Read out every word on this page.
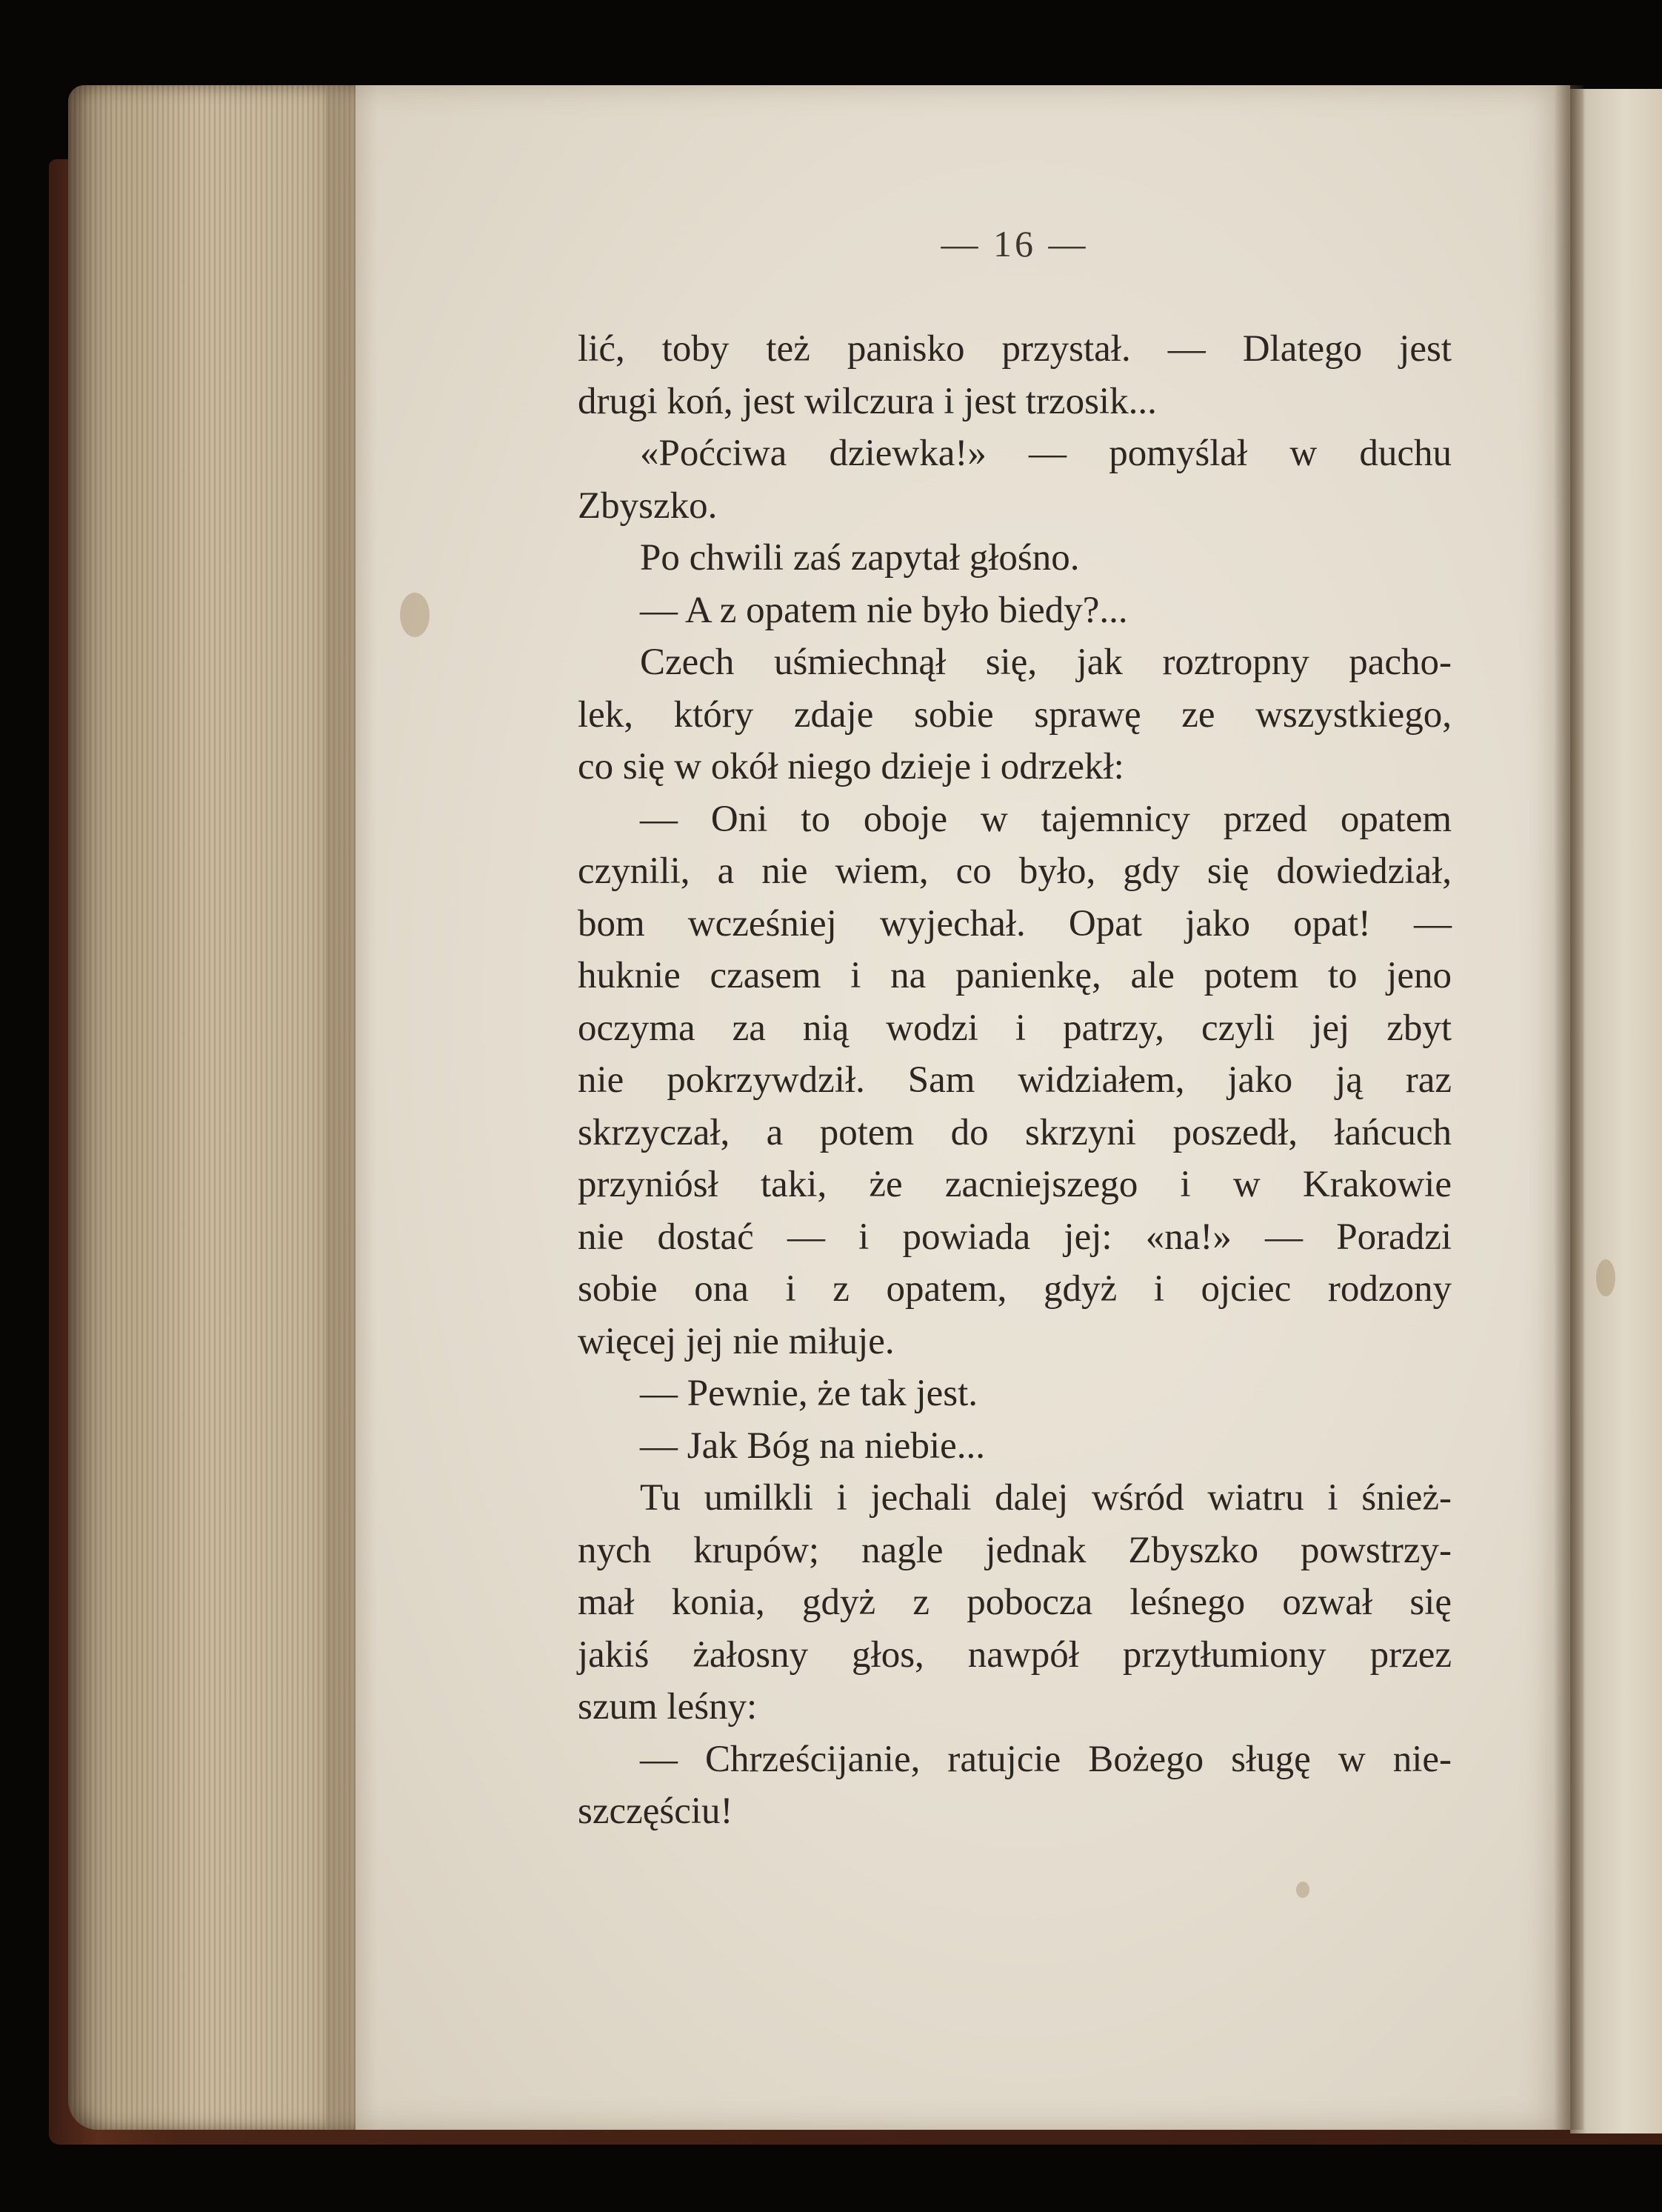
— 16 —
lić, toby też panisko przystał. — Dlatego jest
drugi koń, jest wilczura i jest trzosik...
«Poćciwa dziewka!» — pomyślał w duchu
Zbyszko.
Po chwili zaś zapytał głośno.
— A z opatem nie było biedy?...
Czech uśmiechnął się, jak roztropny pacho-
lek, który zdaje sobie sprawę ze wszystkiego,
co się w okół niego dzieje i odrzekł:
— Oni to oboje w tajemnicy przed opatem
czynili, a nie wiem, co było, gdy się dowiedział,
bom wcześniej wyjechał. Opat jako opat! —
huknie czasem i na panienkę, ale potem to jeno
oczyma za nią wodzi i patrzy, czyli jej zbyt
nie pokrzywdził. Sam widziałem, jako ją raz
skrzyczał, a potem do skrzyni poszedł, łańcuch
przyniósł taki, że zacniejszego i w Krakowie
nie dostać — i powiada jej: «na!» — Poradzi
sobie ona i z opatem, gdyż i ojciec rodzony
więcej jej nie miłuje.
— Pewnie, że tak jest.
— Jak Bóg na niebie...
Tu umilkli i jechali dalej wśród wiatru i śnież-
nych krupów; nagle jednak Zbyszko powstrzy-
mał konia, gdyż z pobocza leśnego ozwał się
jakiś żałosny głos, nawpół przytłumiony przez
szum leśny:
— Chrześcijanie, ratujcie Bożego sługę w nie-
szczęściu!
